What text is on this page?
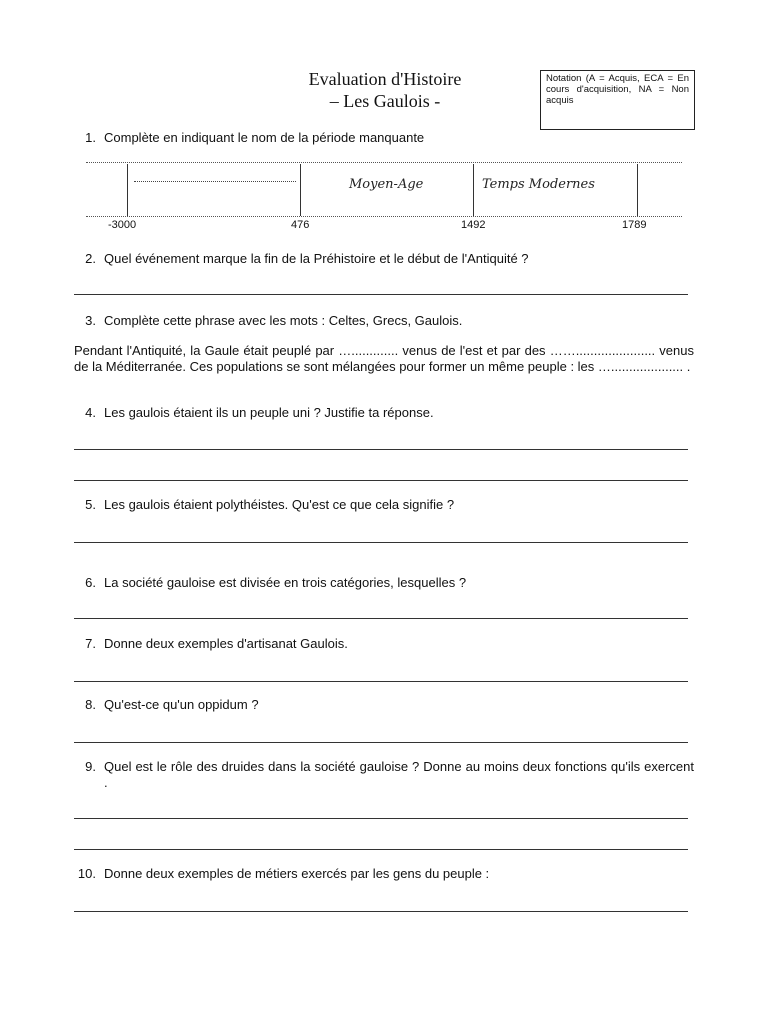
Evaluation d'Histoire
– Les Gaulois -
Notation (A = Acquis, ECA = En cours d'acquisition, NA = Non acquis
1. Complète en indiquant le nom de la période manquante
Moyen-Age	Temps Modernes
-3000	476	1492	1789
2. Quel événement marque la fin de la Préhistoire et le début de l'Antiquité ?
3. Complète cette phrase avec les mots : Celtes, Grecs, Gaulois.
Pendant l'Antiquité, la Gaule était peuplé par …............. venus de l'est et par des ……...................... venus de la Méditerranée. Ces populations se sont mélangées pour former un même peuple : les ….................... .
4. Les gaulois étaient ils un peuple uni ? Justifie ta réponse.
5. Les gaulois étaient polythéistes. Qu'est ce que cela signifie ?
6. La société gauloise est divisée en trois catégories, lesquelles ?
7. Donne deux exemples d'artisanat Gaulois.
8. Qu'est-ce qu'un oppidum ?
9. Quel est le rôle des druides dans la société gauloise ? Donne au moins deux fonctions qu'ils exercent .
10. Donne deux exemples de métiers exercés par les gens du peuple :
